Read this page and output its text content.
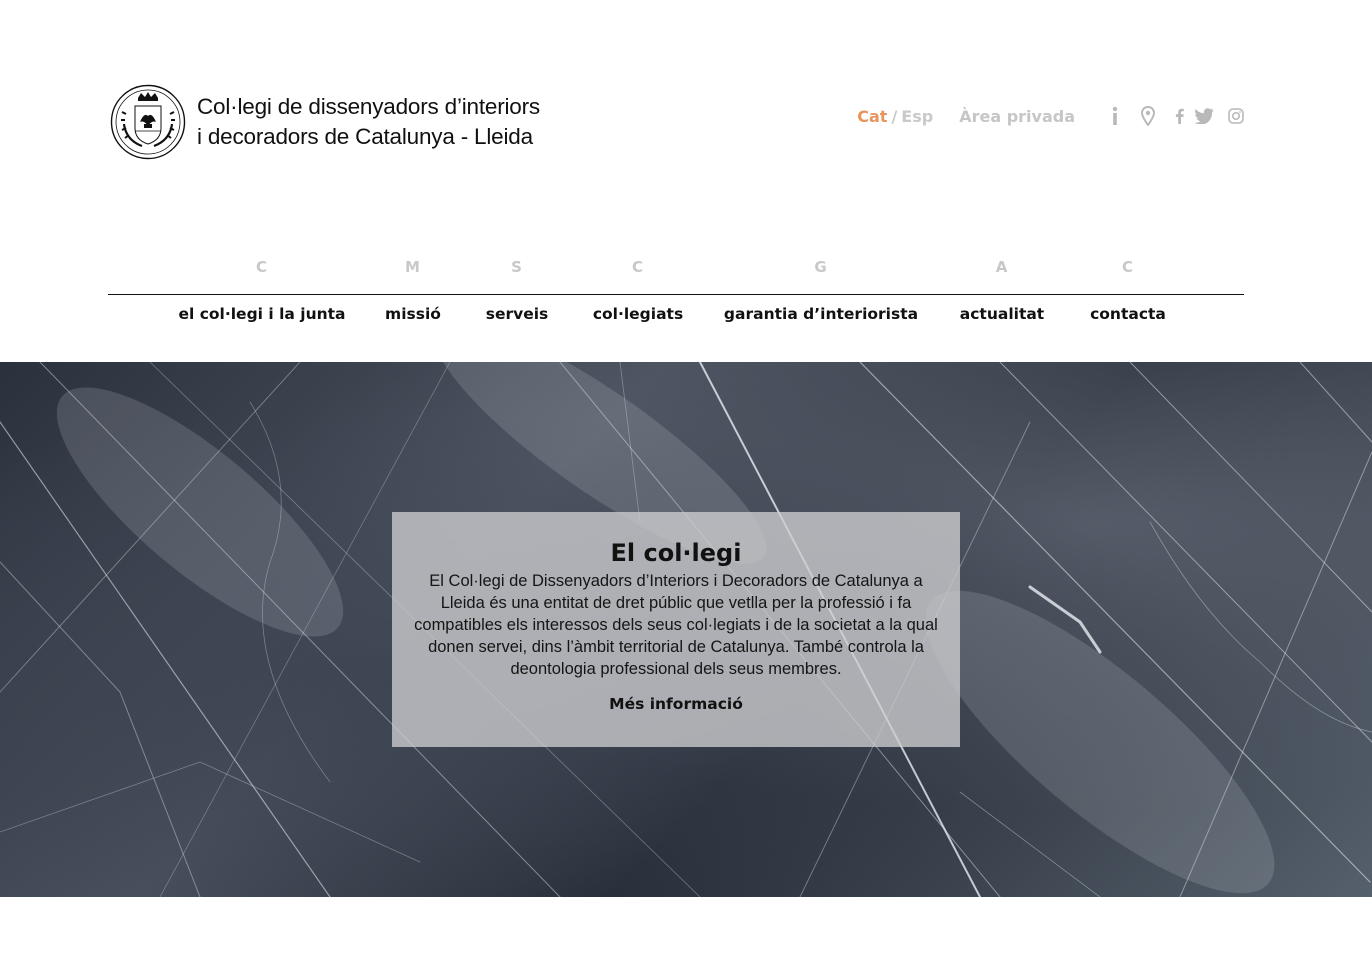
Col·legi de dissenyadors d’interiors
i decoradors de Catalunya - Lleida
Cat / Esp Àrea privada
C	M	S	C	G	A	C
el col·legi i la junta	missió	serveis	col·legiats	garantia d’interiorista	actualitat	contacta
El col·legi

El Col·legi de Dissenyadors d’Interiors i Decoradors de Catalunya a Lleida és una entitat de dret públic que vetlla per la professió i fa compatibles els interessos dels seus col·legiats i de la societat a la qual donen servei, dins l’àmbit territorial de Catalunya. També controla la deontologia professional dels seus membres.

Més informació
